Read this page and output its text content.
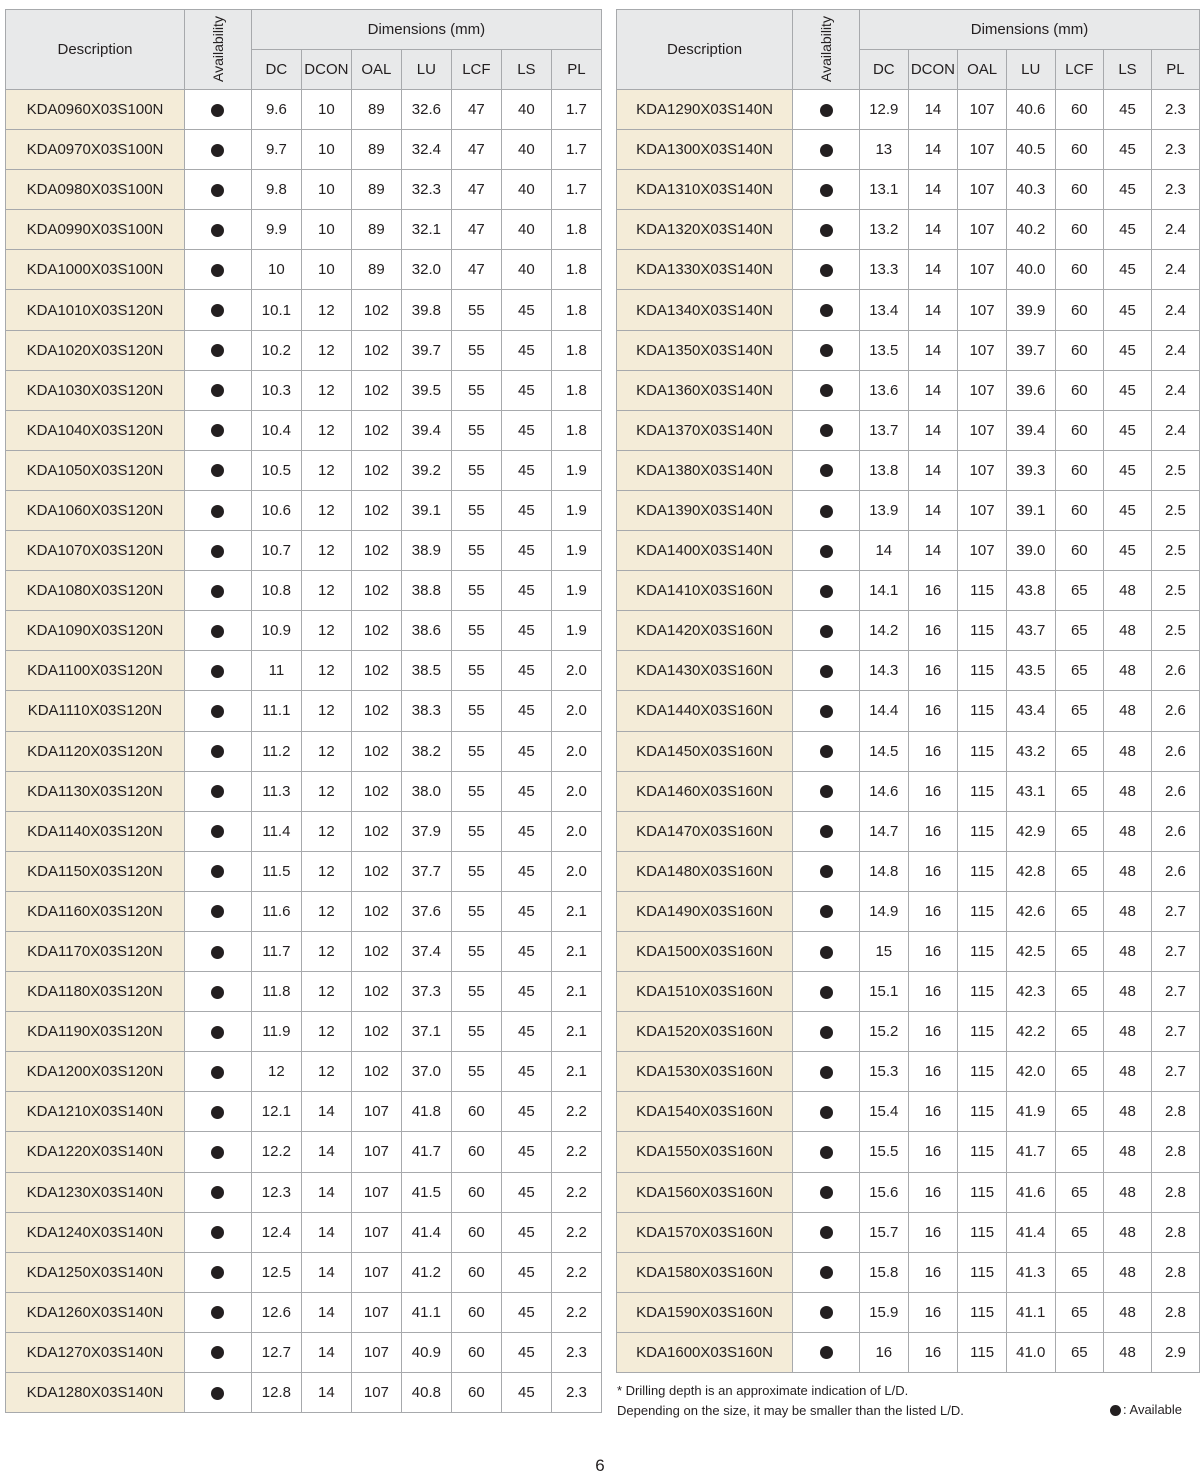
Description	Availability	Dimensions (mm)						
		DC	DCON	OAL	LU	LCF	LS	PL
KDA0960X03S100N		9.6	10	89	32.6	47	40	1.7
KDA0970X03S100N		9.7	10	89	32.4	47	40	1.7
KDA0980X03S100N		9.8	10	89	32.3	47	40	1.7
KDA0990X03S100N		9.9	10	89	32.1	47	40	1.8
KDA1000X03S100N		10	10	89	32.0	47	40	1.8
KDA1010X03S120N		10.1	12	102	39.8	55	45	1.8
KDA1020X03S120N		10.2	12	102	39.7	55	45	1.8
KDA1030X03S120N		10.3	12	102	39.5	55	45	1.8
KDA1040X03S120N		10.4	12	102	39.4	55	45	1.8
KDA1050X03S120N		10.5	12	102	39.2	55	45	1.9
KDA1060X03S120N		10.6	12	102	39.1	55	45	1.9
KDA1070X03S120N		10.7	12	102	38.9	55	45	1.9
KDA1080X03S120N		10.8	12	102	38.8	55	45	1.9
KDA1090X03S120N		10.9	12	102	38.6	55	45	1.9
KDA1100X03S120N		11	12	102	38.5	55	45	2.0
KDA1110X03S120N		11.1	12	102	38.3	55	45	2.0
KDA1120X03S120N		11.2	12	102	38.2	55	45	2.0
KDA1130X03S120N		11.3	12	102	38.0	55	45	2.0
KDA1140X03S120N		11.4	12	102	37.9	55	45	2.0
KDA1150X03S120N		11.5	12	102	37.7	55	45	2.0
KDA1160X03S120N		11.6	12	102	37.6	55	45	2.1
KDA1170X03S120N		11.7	12	102	37.4	55	45	2.1
KDA1180X03S120N		11.8	12	102	37.3	55	45	2.1
KDA1190X03S120N		11.9	12	102	37.1	55	45	2.1
KDA1200X03S120N		12	12	102	37.0	55	45	2.1
KDA1210X03S140N		12.1	14	107	41.8	60	45	2.2
KDA1220X03S140N		12.2	14	107	41.7	60	45	2.2
KDA1230X03S140N		12.3	14	107	41.5	60	45	2.2
KDA1240X03S140N		12.4	14	107	41.4	60	45	2.2
KDA1250X03S140N		12.5	14	107	41.2	60	45	2.2
KDA1260X03S140N		12.6	14	107	41.1	60	45	2.2
KDA1270X03S140N		12.7	14	107	40.9	60	45	2.3
KDA1280X03S140N		12.8	14	107	40.8	60	45	2.3
Description	Availability	Dimensions (mm)						
		DC	DCON	OAL	LU	LCF	LS	PL
KDA1290X03S140N		12.9	14	107	40.6	60	45	2.3
KDA1300X03S140N		13	14	107	40.5	60	45	2.3
KDA1310X03S140N		13.1	14	107	40.3	60	45	2.3
KDA1320X03S140N		13.2	14	107	40.2	60	45	2.4
KDA1330X03S140N		13.3	14	107	40.0	60	45	2.4
KDA1340X03S140N		13.4	14	107	39.9	60	45	2.4
KDA1350X03S140N		13.5	14	107	39.7	60	45	2.4
KDA1360X03S140N		13.6	14	107	39.6	60	45	2.4
KDA1370X03S140N		13.7	14	107	39.4	60	45	2.4
KDA1380X03S140N		13.8	14	107	39.3	60	45	2.5
KDA1390X03S140N		13.9	14	107	39.1	60	45	2.5
KDA1400X03S140N		14	14	107	39.0	60	45	2.5
KDA1410X03S160N		14.1	16	115	43.8	65	48	2.5
KDA1420X03S160N		14.2	16	115	43.7	65	48	2.5
KDA1430X03S160N		14.3	16	115	43.5	65	48	2.6
KDA1440X03S160N		14.4	16	115	43.4	65	48	2.6
KDA1450X03S160N		14.5	16	115	43.2	65	48	2.6
KDA1460X03S160N		14.6	16	115	43.1	65	48	2.6
KDA1470X03S160N		14.7	16	115	42.9	65	48	2.6
KDA1480X03S160N		14.8	16	115	42.8	65	48	2.6
KDA1490X03S160N		14.9	16	115	42.6	65	48	2.7
KDA1500X03S160N		15	16	115	42.5	65	48	2.7
KDA1510X03S160N		15.1	16	115	42.3	65	48	2.7
KDA1520X03S160N		15.2	16	115	42.2	65	48	2.7
KDA1530X03S160N		15.3	16	115	42.0	65	48	2.7
KDA1540X03S160N		15.4	16	115	41.9	65	48	2.8
KDA1550X03S160N		15.5	16	115	41.7	65	48	2.8
KDA1560X03S160N		15.6	16	115	41.6	65	48	2.8
KDA1570X03S160N		15.7	16	115	41.4	65	48	2.8
KDA1580X03S160N		15.8	16	115	41.3	65	48	2.8
KDA1590X03S160N		15.9	16	115	41.1	65	48	2.8
KDA1600X03S160N		16	16	115	41.0	65	48	2.9
* Drilling depth is an approximate indication of L/D.
Depending on the size, it may be smaller than the listed L/D.	: Available
6
